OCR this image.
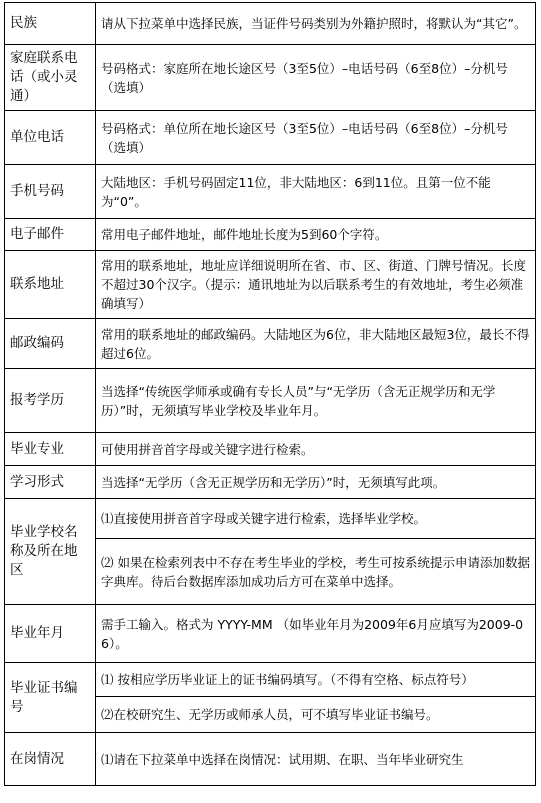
民族	请从下拉菜单中选择民族，当证件号码类别为外籍护照时，将默认为“其它”。
家庭联系电话（或小灵通）	号码格式：家庭所在地长途区号（3至5位）–电话号码（6至8位）–分机号（选填）
单位电话	号码格式：单位所在地长途区号（3至5位）–电话号码（6至8位）–分机号（选填）
手机号码	大陆地区：手机号码固定11位，非大陆地区：6到11位。且第一位不能为“0”。
电子邮件	常用电子邮件地址，邮件地址长度为5到60个字符。
联系地址	常用的联系地址，地址应详细说明所在省、市、区、街道、门牌号情况。长度不超过30个汉字。（提示：通讯地址为以后联系考生的有效地址，考生必须准确填写）
邮政编码	常用的联系地址的邮政编码。大陆地区为6位，非大陆地区最短3位，最长不得超过6位。
报考学历	当选择“传统医学师承或确有专长人员”与“无学历（含无正规学历和无学历）”时，无须填写毕业学校及毕业年月。
毕业专业	可使用拼音首字母或关键字进行检索。
学习形式	当选择“无学历（含无正规学历和无学历）”时，无须填写此项。
毕业学校名称及所在地区	⑴直接使用拼音首字母或关键字进行检索，选择毕业学校。
	⑵ 如果在检索列表中不存在考生毕业的学校，考生可按系统提示申请添加数据字典库。待后台数据库添加成功后方可在菜单中选择。
毕业年月	需手工输入。格式为 YYYY-MM （如毕业年月为2009年6月应填写为2009-06）。
毕业证书编号	⑴ 按相应学历毕业证上的证书编码填写。（不得有空格、标点符号）
	⑵在校研究生、无学历或师承人员，可不填写毕业证书编号。
在岗情况	⑴请在下拉菜单中选择在岗情况：试用期、在职、当年毕业研究生
